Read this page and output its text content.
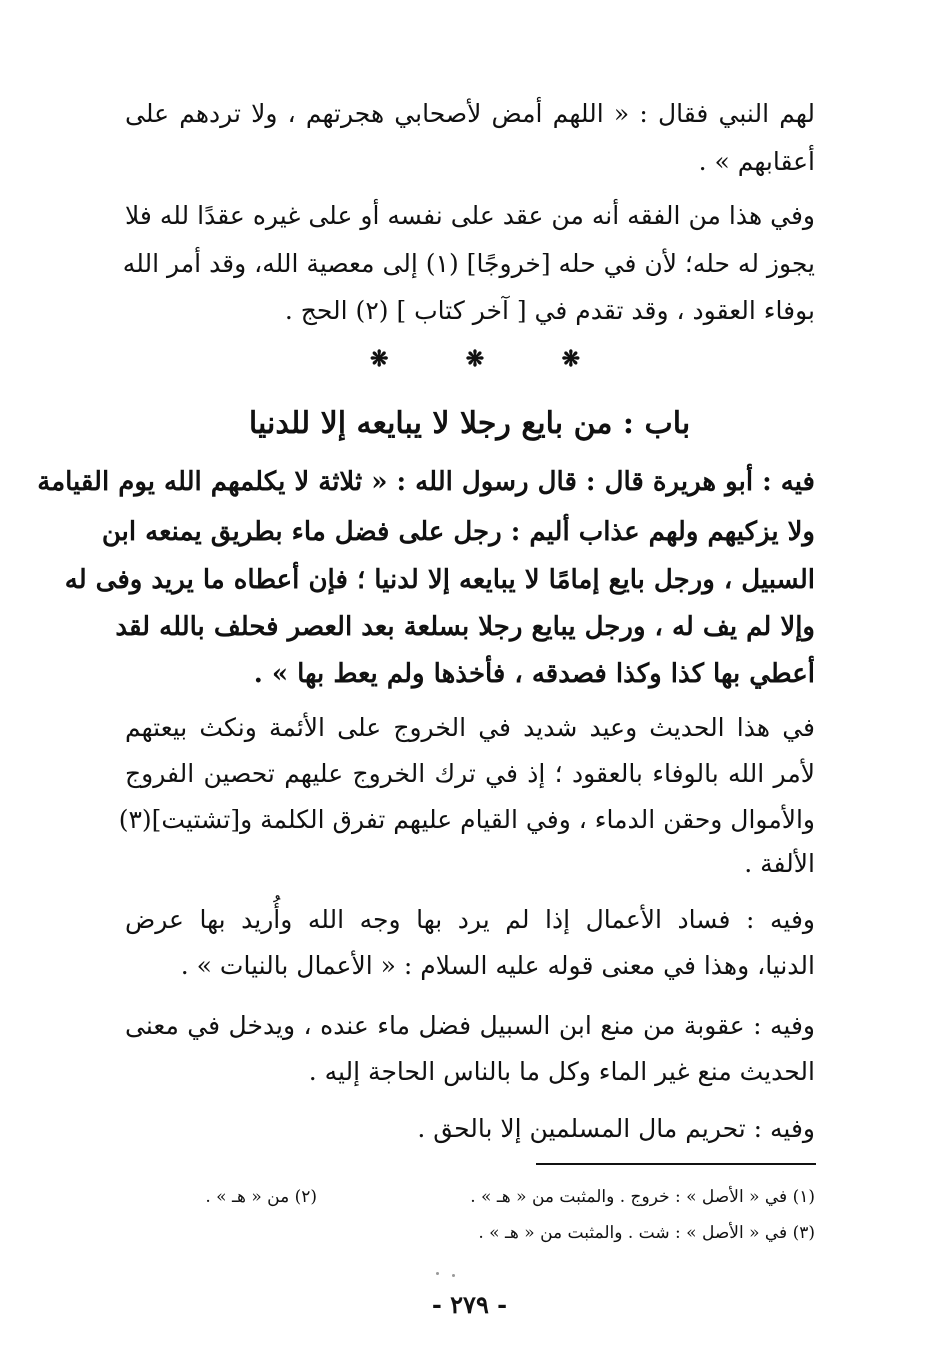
لهم النبي فقال : « اللهم أمض لأصحابي هجرتهم ، ولا تردهم على
أعقابهم » .
وفي هذا من الفقه أنه من عقد على نفسه أو على غيره عقدًا لله فلا
يجوز له حله؛ لأن في حله [خروجًا] (١) إلى معصية الله، وقد أمر الله
بوفاء العقود ، وقد تقدم في [ آخر كتاب ] (٢) الحج .
❋	❋	❋
باب : من بايع رجلا لا يبايعه إلا للدنيا
فيه : أبو هريرة قال : قال رسول الله : « ثلاثة لا يكلمهم الله يوم القيامة
ولا يزكيهم ولهم عذاب أليم : رجل على فضل ماء بطريق يمنعه ابن
السبيل ، ورجل بايع إمامًا لا يبايعه إلا لدنيا ؛ فإن أعطاه ما يريد وفى له
وإلا لم يف له ، ورجل يبايع رجلا بسلعة بعد العصر فحلف بالله لقد
أعطي بها كذا وكذا فصدقه ، فأخذها ولم يعط بها » .
في هذا الحديث وعيد شديد في الخروج على الأئمة ونكث بيعتهم
لأمر الله بالوفاء بالعقود ؛ إذ في ترك الخروج عليهم تحصين الفروج
والأموال وحقن الدماء ، وفي القيام عليهم تفرق الكلمة و[تشتيت](٣)
الألفة .
وفيه : فساد الأعمال إذا لم يرد بها وجه الله وأُريد بها عرض
الدنيا، وهذا في معنى قوله عليه السلام : « الأعمال بالنيات » .
وفيه : عقوبة من منع ابن السبيل فضل ماء عنده ، ويدخل في معنى
الحديث منع غير الماء وكل ما بالناس الحاجة إليه .
وفيه : تحريم مال المسلمين إلا بالحق .
(١) في « الأصل » : خروج . والمثبت من « هـ » .
(٢) من « هـ » .
(٣) في « الأصل » : شت . والمثبت من « هـ » .
- ٢٧٩ -
